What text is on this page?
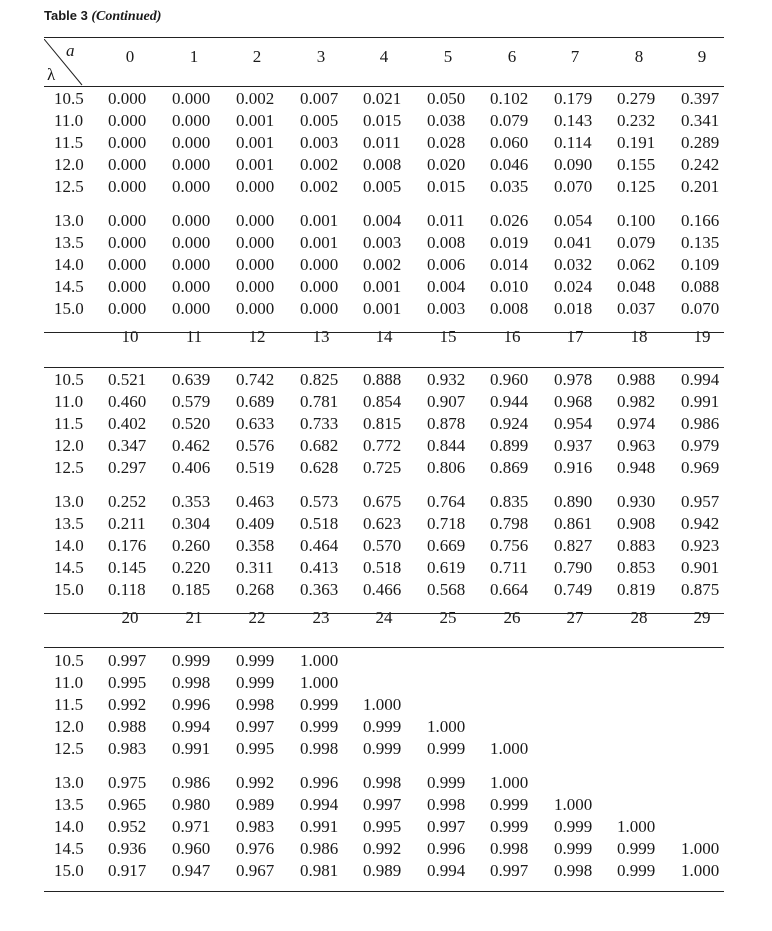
Table 3 (Continued)
a
λ
0	1	2	3	4	5	6	7	8	9
10.5 0.000 0.000 0.002 0.007 0.021 0.050 0.102 0.179 0.279 0.397
11.0 0.000 0.000 0.001 0.005 0.015 0.038 0.079 0.143 0.232 0.341
11.5 0.000 0.000 0.001 0.003 0.011 0.028 0.060 0.114 0.191 0.289
12.0 0.000 0.000 0.001 0.002 0.008 0.020 0.046 0.090 0.155 0.242
12.5 0.000 0.000 0.000 0.002 0.005 0.015 0.035 0.070 0.125 0.201
13.0 0.000 0.000 0.000 0.001 0.004 0.011 0.026 0.054 0.100 0.166
13.5 0.000 0.000 0.000 0.001 0.003 0.008 0.019 0.041 0.079 0.135
14.0 0.000 0.000 0.000 0.000 0.002 0.006 0.014 0.032 0.062 0.109
14.5 0.000 0.000 0.000 0.000 0.001 0.004 0.010 0.024 0.048 0.088
15.0 0.000 0.000 0.000 0.000 0.001 0.003 0.008 0.018 0.037 0.070
10	11	12	13	14	15	16	17	18	19
10.5 0.521 0.639 0.742 0.825 0.888 0.932 0.960 0.978 0.988 0.994
11.0 0.460 0.579 0.689 0.781 0.854 0.907 0.944 0.968 0.982 0.991
11.5 0.402 0.520 0.633 0.733 0.815 0.878 0.924 0.954 0.974 0.986
12.0 0.347 0.462 0.576 0.682 0.772 0.844 0.899 0.937 0.963 0.979
12.5 0.297 0.406 0.519 0.628 0.725 0.806 0.869 0.916 0.948 0.969
13.0 0.252 0.353 0.463 0.573 0.675 0.764 0.835 0.890 0.930 0.957
13.5 0.211 0.304 0.409 0.518 0.623 0.718 0.798 0.861 0.908 0.942
14.0 0.176 0.260 0.358 0.464 0.570 0.669 0.756 0.827 0.883 0.923
14.5 0.145 0.220 0.311 0.413 0.518 0.619 0.711 0.790 0.853 0.901
15.0 0.118 0.185 0.268 0.363 0.466 0.568 0.664 0.749 0.819 0.875
20	21	22	23	24	25	26	27	28	29
10.5 0.997 0.999 0.999 1.000
11.0 0.995 0.998 0.999 1.000
11.5 0.992 0.996 0.998 0.999 1.000
12.0 0.988 0.994 0.997 0.999 0.999 1.000
12.5 0.983 0.991 0.995 0.998 0.999 0.999 1.000
13.0 0.975 0.986 0.992 0.996 0.998 0.999 1.000
13.5 0.965 0.980 0.989 0.994 0.997 0.998 0.999 1.000
14.0 0.952 0.971 0.983 0.991 0.995 0.997 0.999 0.999 1.000
14.5 0.936 0.960 0.976 0.986 0.992 0.996 0.998 0.999 0.999 1.000
15.0 0.917 0.947 0.967 0.981 0.989 0.994 0.997 0.998 0.999 1.000
